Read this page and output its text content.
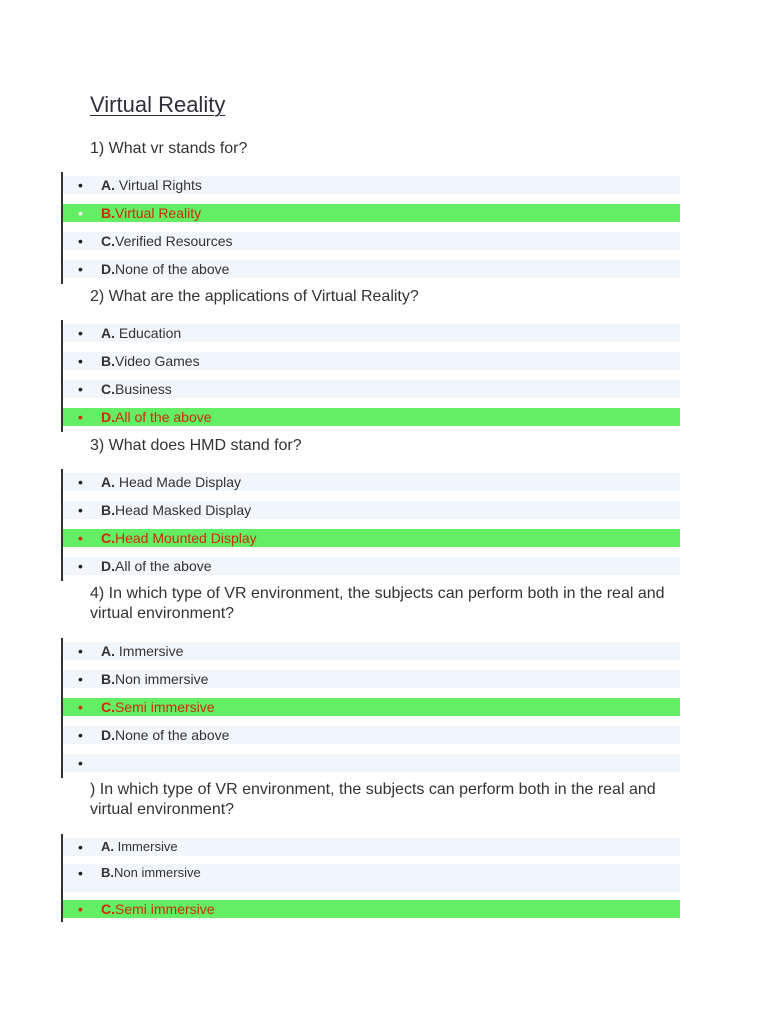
Virtual Reality

1) What vr stands for?

• A. Virtual Rights
• B.Virtual Reality
• C.Verified Resources
• D.None of the above

2) What are the applications of Virtual Reality?

• A. Education
• B.Video Games
• C.Business
• D.All of the above

3) What does HMD stand for?

• A. Head Made Display
• B.Head Masked Display
• C.Head Mounted Display
• D.All of the above

4) In which type of VR environment, the subjects can perform both in the real and virtual environment?

• A. Immersive
• B.Non immersive
• C.Semi immersive
• D.None of the above
•

) In which type of VR environment, the subjects can perform both in the real and virtual environment?

• A. Immersive
• B.Non immersive
• C.Semi immersive
